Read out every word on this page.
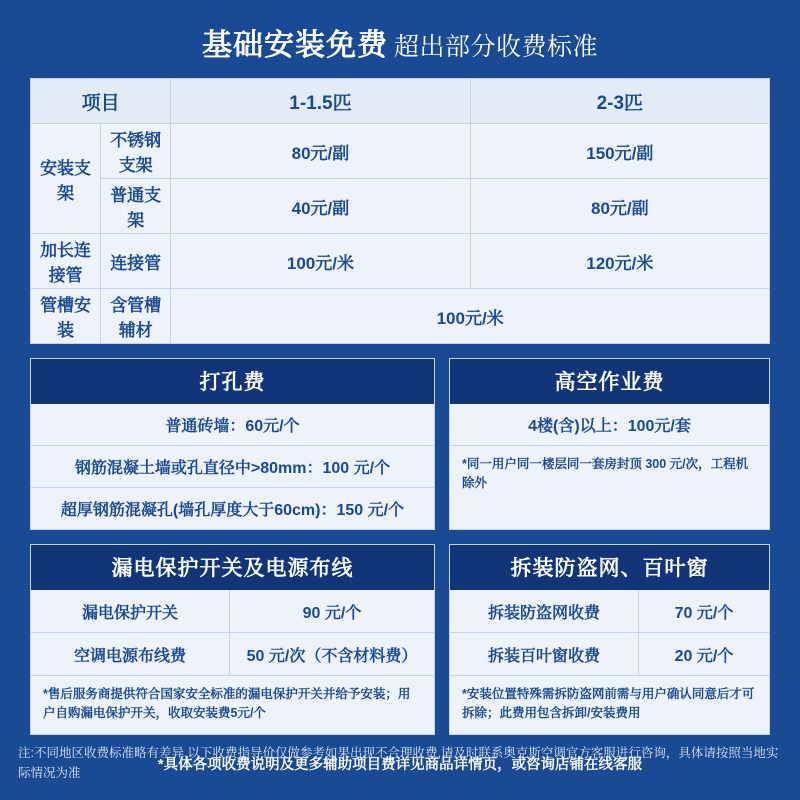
基础安装免费 超出部分收费标准
项目		1-1.5匹	2-3匹
安装支架	不锈钢支架	80元/副	150元/副
	普通支架	40元/副	80元/副
加长连接管	连接管	100元/米	120元/米
管槽安装	含管槽辅材	100元/米	
打孔费
普通砖墙：60元/个
钢筋混凝土墙或孔直径中>80mm：100 元/个
超厚钢筋混凝孔(墙孔厚度大于60cm)：150 元/个
高空作业费
4楼(含)以上：100元/套
*同一用户同一楼层同一套房封顶 300 元/次，工程机除外
漏电保护开关及电源布线
漏电保护开关	90 元/个
空调电源布线费	50 元/次（不含材料费）
*售后服务商提供符合国家安全标准的漏电保护开关并给予安装；用户自购漏电保护开关，收取安装费5元/个
拆装防盗网、百叶窗
拆装防盗网收费	70 元/个
拆装百叶窗收费	20 元/个
*安装位置特殊需拆防盗网前需与用户确认同意后才可拆除；此费用包含拆卸/安装费用
*具体各项收费说明及更多辅助项目费详见商品详情页，或咨询店铺在线客服
注:不同地区收费标准略有差异,以下收费指导价仅做参考如果出现不合理收费,请及时联系奥克斯空调官方客服进行咨询，具体请按照当地实际情况为准
